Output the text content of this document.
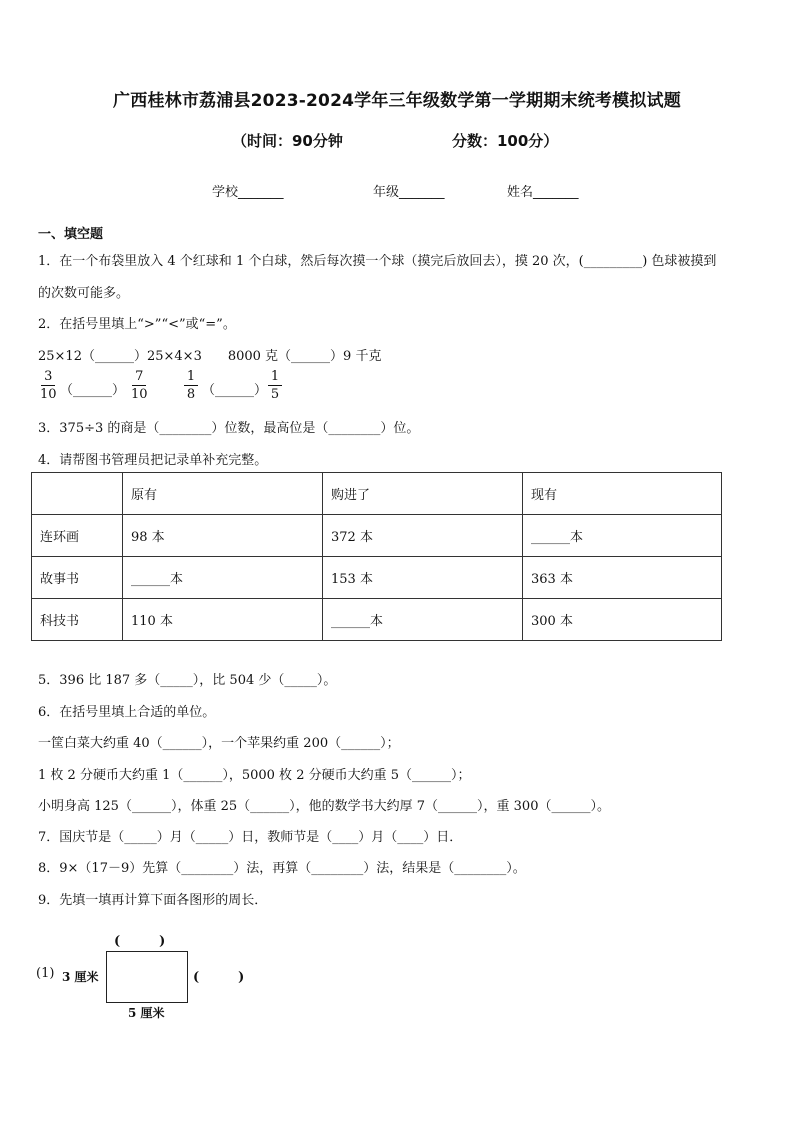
广西桂林市荔浦县2023-2024学年三年级数学第一学期期末统考模拟试题
（时间：90分钟	分数：100分）
学校_______	年级_______	姓名_______
一、填空题
1．在一个布袋里放入 4 个红球和 1 个白球，然后每次摸一个球（摸完后放回去），摸 20 次，(_________) 色球被摸到
的次数可能多。
2．在括号里填上“>”“<”或“=”。
25×12（______）25×4×3　　8000 克（______）9 千克
3
10 （______）
7
10
1
8 （______）
1
5
3．375÷3 的商是（________）位数，最高位是（________）位。
4．请帮图书管理员把记录单补充完整。
	原有	购进了	现有
连环画	98 本	372 本	______本
故事书	______本	153 本	363 本
科技书	110 本	______本	300 本
5．396 比 187 多（_____），比 504 少（_____）。
6．在括号里填上合适的单位。
一筐白菜大约重 40（______），一个苹果约重 200（______）；
1 枚 2 分硬币大约重 1（______），5000 枚 2 分硬币大约重 5（______）；
小明身高 125（______），体重 25（______），他的数学书大约厚 7（______），重 300（______）。
7．国庆节是（_____）月（_____）日，教师节是（____）月（____）日．
8．9×（17－9）先算（________）法，再算（________）法，结果是（________）。
9．先填一填再计算下面各图形的周长．
(1)
(　　　)
3 厘米	(　　　)
5 厘米
